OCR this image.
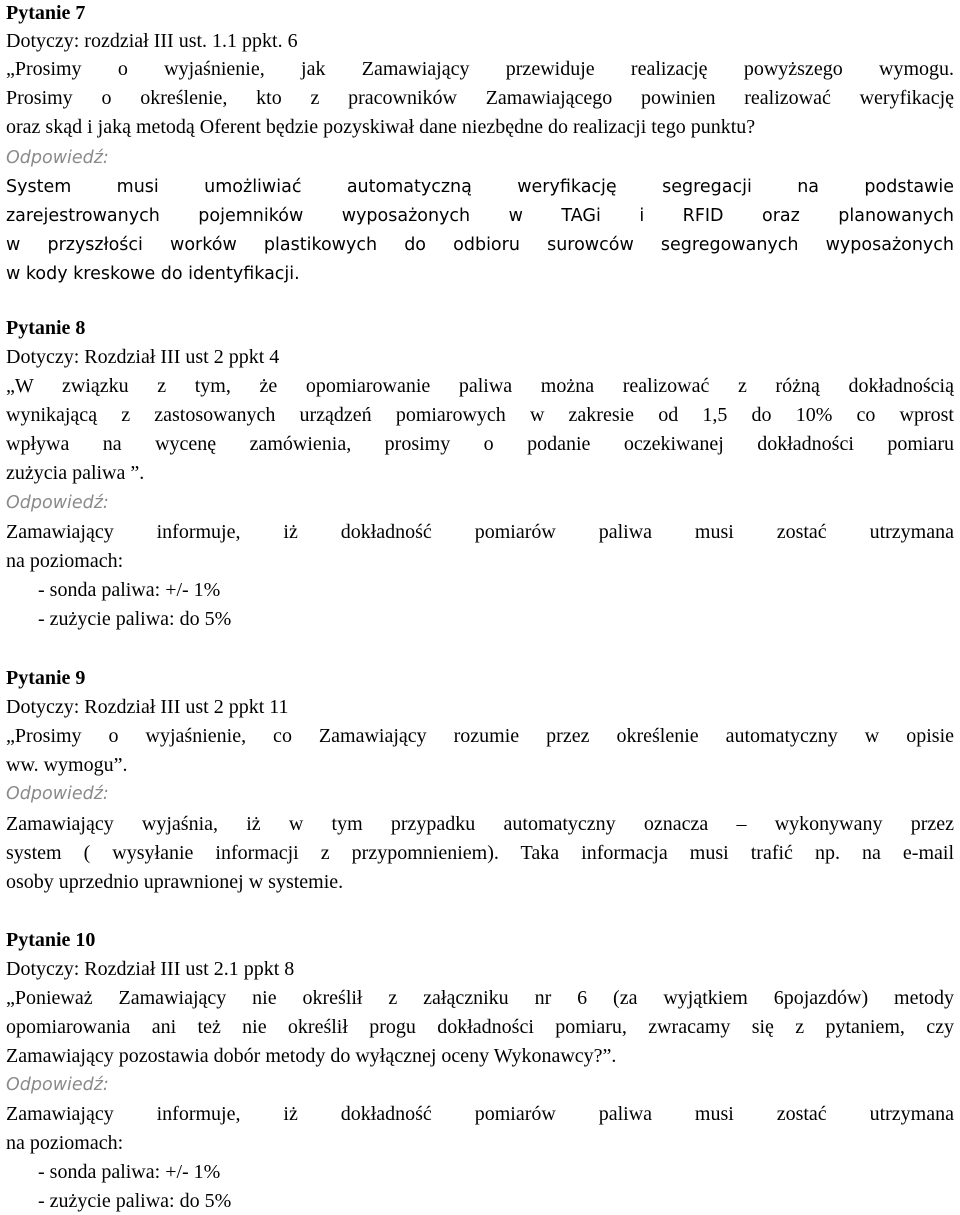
Pytanie 7
Dotyczy: rozdział III ust. 1.1 ppkt. 6
„Prosimy o wyjaśnienie, jak Zamawiający przewiduje realizację powyższego wymogu.
Prosimy o określenie, kto z pracowników Zamawiającego powinien realizować weryfikację
oraz skąd i jaką metodą Oferent będzie pozyskiwał dane niezbędne do realizacji tego punktu?
Odpowiedź:
System musi umożliwiać automatyczną weryfikację segregacji na podstawie
zarejestrowanych pojemników wyposażonych w TAGi i RFID oraz planowanych
w przyszłości worków plastikowych do odbioru surowców segregowanych wyposażonych
w kody kreskowe do identyfikacji.
Pytanie 8
Dotyczy: Rozdział III ust 2 ppkt 4
„W związku z tym, że opomiarowanie paliwa można realizować z różną dokładnością
wynikającą z zastosowanych urządzeń pomiarowych w zakresie od 1,5 do 10% co wprost
wpływa na wycenę zamówienia, prosimy o podanie oczekiwanej dokładności pomiaru
zużycia paliwa ”.
Odpowiedź:
Zamawiający informuje, iż dokładność pomiarów paliwa musi zostać utrzymana
na poziomach:
- sonda paliwa: +/- 1%
- zużycie paliwa: do 5%
Pytanie 9
Dotyczy: Rozdział III ust 2 ppkt 11
„Prosimy o wyjaśnienie, co Zamawiający rozumie przez określenie automatyczny w opisie
ww. wymogu”.
Odpowiedź:
Zamawiający wyjaśnia, iż w tym przypadku automatyczny oznacza – wykonywany przez
system ( wysyłanie informacji z przypomnieniem). Taka informacja musi trafić np. na e-mail
osoby uprzednio uprawnionej w systemie.
Pytanie 10
Dotyczy: Rozdział III ust 2.1 ppkt 8
„Ponieważ Zamawiający nie określił z załączniku nr 6 (za wyjątkiem 6pojazdów) metody
opomiarowania ani też nie określił progu dokładności pomiaru, zwracamy się z pytaniem, czy
Zamawiający pozostawia dobór metody do wyłącznej oceny Wykonawcy?”.
Odpowiedź:
Zamawiający informuje, iż dokładność pomiarów paliwa musi zostać utrzymana
na poziomach:
- sonda paliwa: +/- 1%
- zużycie paliwa: do 5%
